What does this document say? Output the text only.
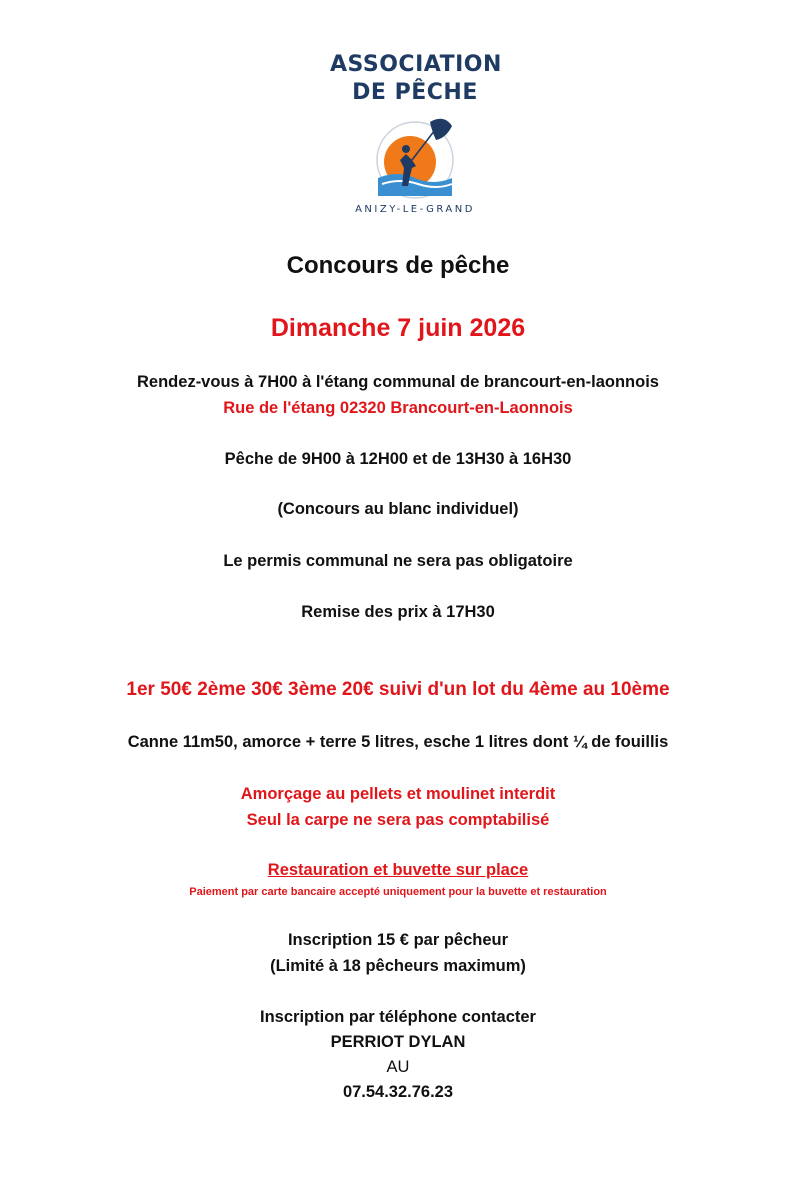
ASSOCIATION
DE PÊCHE
ANIZY-LE-GRAND
Concours de pêche
Dimanche 7 juin 2026
Rendez-vous à 7H00 à l'étang communal de brancourt-en-laonnois
Rue de l'étang 02320 Brancourt-en-Laonnois
Pêche de 9H00 à 12H00 et de 13H30 à 16H30
(Concours au blanc individuel)
Le permis communal ne sera pas obligatoire
Remise des prix à 17H30
1er 50€ 2ème 30€ 3ème 20€ suivi d'un lot du 4ème au 10ème
Canne 11m50, amorce + terre 5 litres, esche 1 litres dont ¼ de fouillis
Amorçage au pellets et moulinet interdit
Seul la carpe ne sera pas comptabilisé
Restauration et buvette sur place
Paiement par carte bancaire accepté uniquement pour la buvette et restauration
Inscription 15 € par pêcheur
(Limité à 18 pêcheurs maximum)
Inscription par téléphone contacter
PERRIOT DYLAN
AU
07.54.32.76.23
